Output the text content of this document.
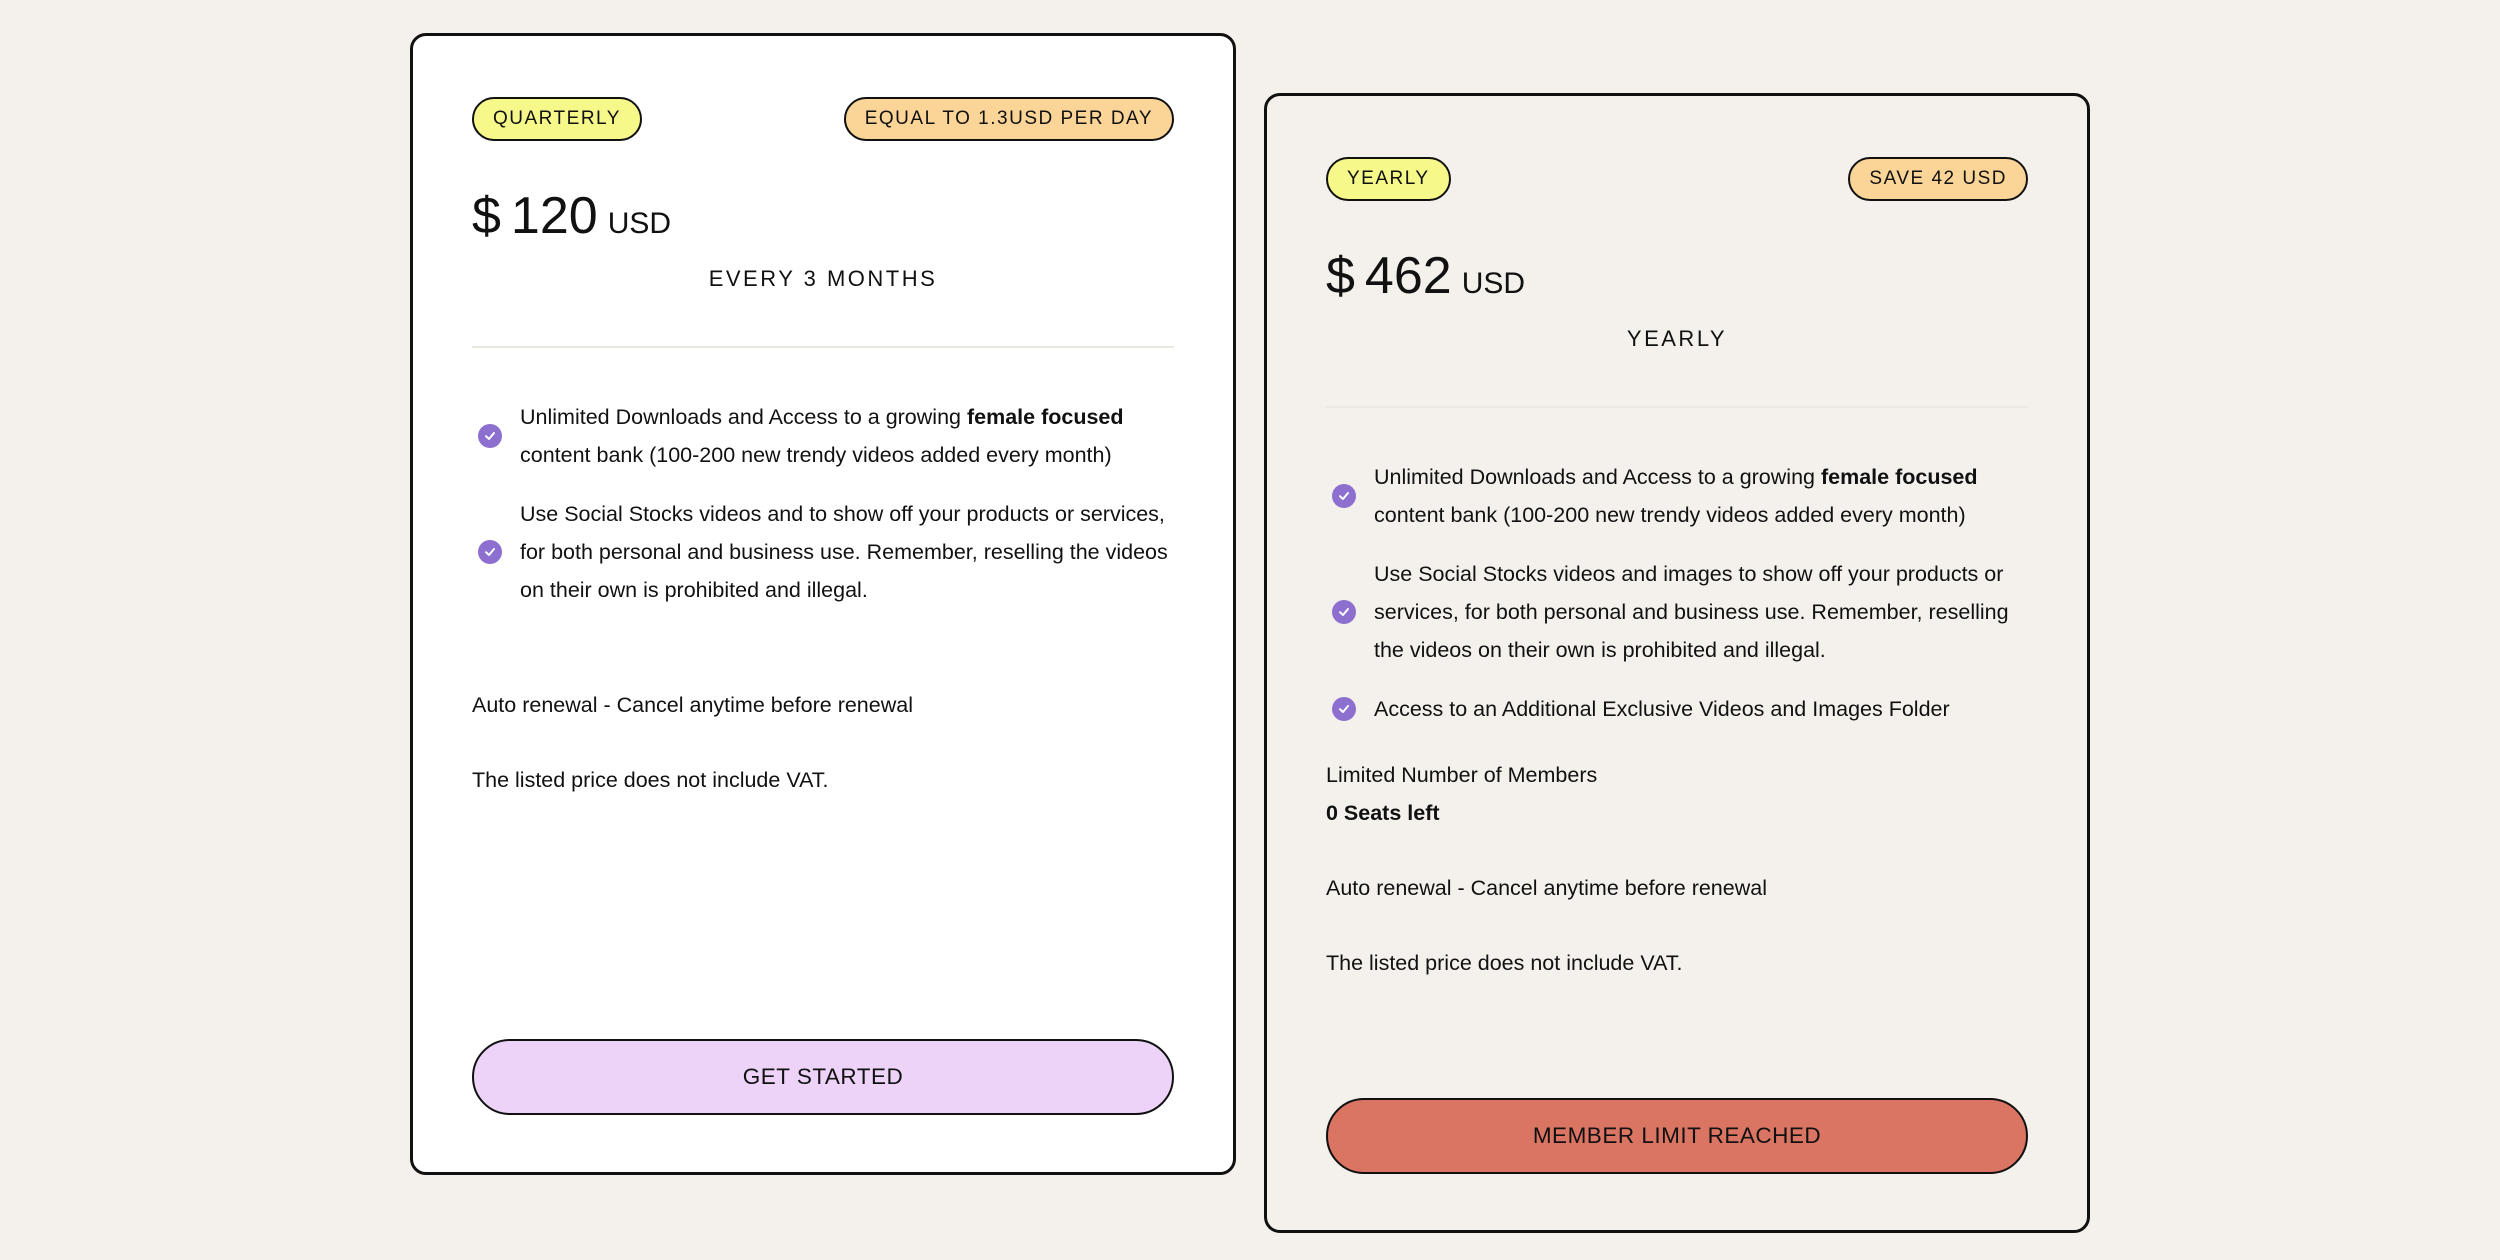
QUARTERLY	EQUAL TO 1.3USD PER DAY
$ 120 USD
EVERY 3 MONTHS
Unlimited Downloads and Access to a growing female focused content bank (100-200 new trendy videos added every month)
Use Social Stocks videos and to show off your products or services, for both personal and business use. Remember, reselling the videos on their own is prohibited and illegal.
Auto renewal - Cancel anytime before renewal
The listed price does not include VAT.
GET STARTED
YEARLY	SAVE 42 USD
$ 462 USD
YEARLY
Unlimited Downloads and Access to a growing female focused content bank (100-200 new trendy videos added every month)
Use Social Stocks videos and images to show off your products or services, for both personal and business use. Remember, reselling the videos on their own is prohibited and illegal.
Access to an Additional Exclusive Videos and Images Folder
Limited Number of Members
0 Seats left
Auto renewal - Cancel anytime before renewal
The listed price does not include VAT.
MEMBER LIMIT REACHED
